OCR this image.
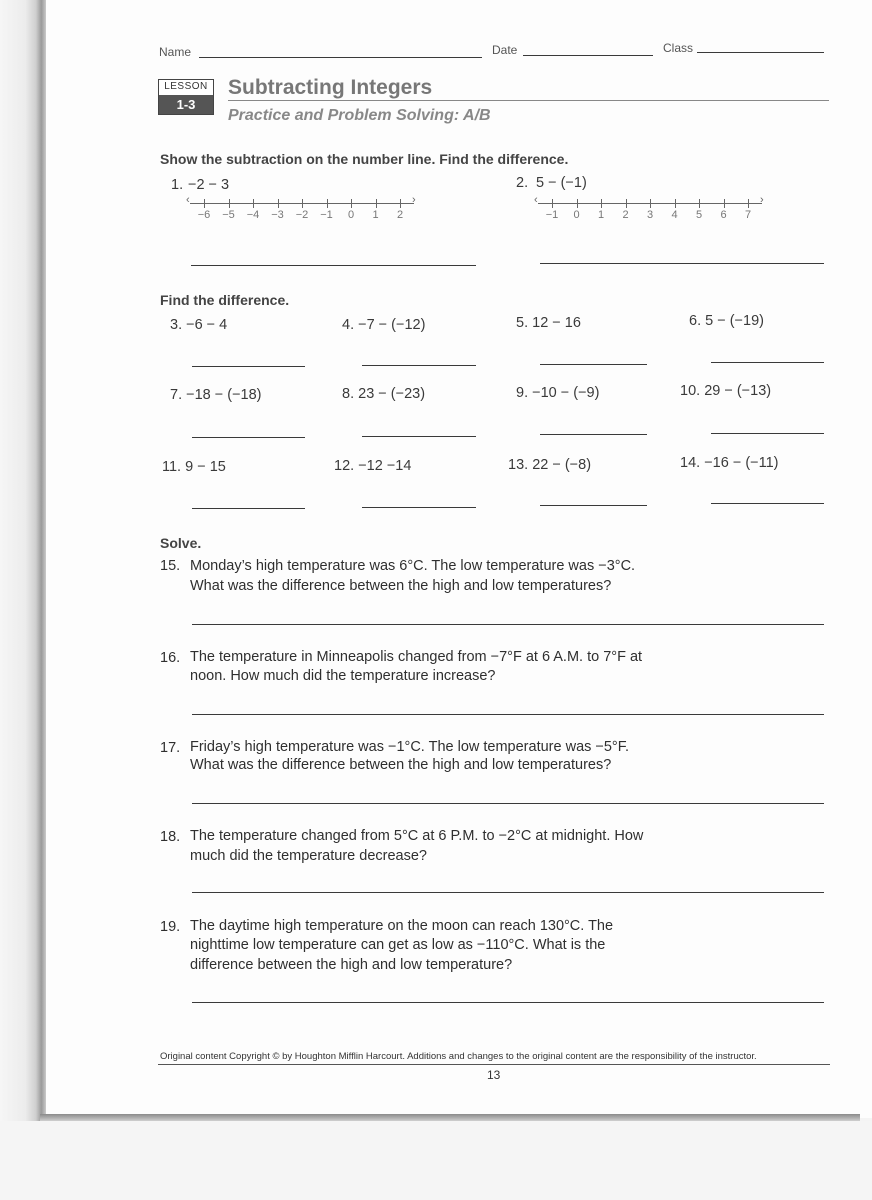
Name	Date	Class
LESSON
1-3
Subtracting Integers
Practice and Problem Solving: A/B
Show the subtraction on the number line. Find the difference.
1. −2 − 3
‹	›
−6 −5 −4 −3 −2 −1 0 1 2
2. 5 − (−1)
‹	›
−1 0 1 2 3 4 5 6 7
Find the difference.
3. −6 − 4	4. −7 − (−12)	5. 12 − 16	6. 5 − (−19)
7. −18 − (−18)	8. 23 − (−23)	9. −10 − (−9)	10. 29 − (−13)
11. 9 − 15	12. −12 −14	13. 22 − (−8)	14. −16 − (−11)
Solve.
15. Monday’s high temperature was 6°C. The low temperature was −3°C.
What was the difference between the high and low temperatures?
16. The temperature in Minneapolis changed from −7°F at 6 A.M. to 7°F at
noon. How much did the temperature increase?
17. Friday’s high temperature was −1°C. The low temperature was −5°F.
What was the difference between the high and low temperatures?
18. The temperature changed from 5°C at 6 P.M. to −2°C at midnight. How
much did the temperature decrease?
19. The daytime high temperature on the moon can reach 130°C. The
nighttime low temperature can get as low as −110°C. What is the
difference between the high and low temperature?
Original content Copyright © by Houghton Mifflin Harcourt. Additions and changes to the original content are the responsibility of the instructor.
13
